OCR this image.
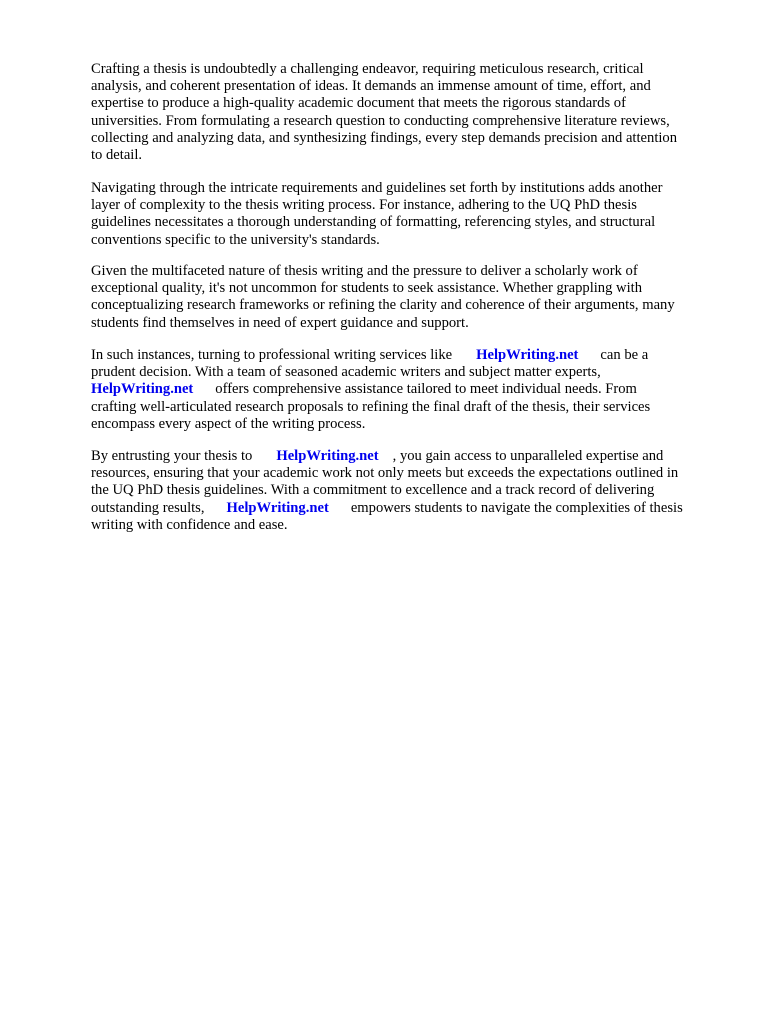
Crafting a thesis is undoubtedly a challenging endeavor, requiring meticulous research, critical
analysis, and coherent presentation of ideas. It demands an immense amount of time, effort, and
expertise to produce a high-quality academic document that meets the rigorous standards of
universities. From formulating a research question to conducting comprehensive literature reviews,
collecting and analyzing data, and synthesizing findings, every step demands precision and attention
to detail.

Navigating through the intricate requirements and guidelines set forth by institutions adds another
layer of complexity to the thesis writing process. For instance, adhering to the UQ PhD thesis
guidelines necessitates a thorough understanding of formatting, referencing styles, and structural
conventions specific to the university's standards.

Given the multifaceted nature of thesis writing and the pressure to deliver a scholarly work of
exceptional quality, it's not uncommon for students to seek assistance. Whether grappling with
conceptualizing research frameworks or refining the clarity and coherence of their arguments, many
students find themselves in need of expert guidance and support.

In such instances, turning to professional writing services like HelpWriting.net can be a
prudent decision. With a team of seasoned academic writers and subject matter experts,
HelpWriting.net offers comprehensive assistance tailored to meet individual needs. From
crafting well-articulated research proposals to refining the final draft of the thesis, their services
encompass every aspect of the writing process.

By entrusting your thesis to HelpWriting.net , you gain access to unparalleled expertise and
resources, ensuring that your academic work not only meets but exceeds the expectations outlined in
the UQ PhD thesis guidelines. With a commitment to excellence and a track record of delivering
outstanding results, HelpWriting.net empowers students to navigate the complexities of thesis
writing with confidence and ease.
